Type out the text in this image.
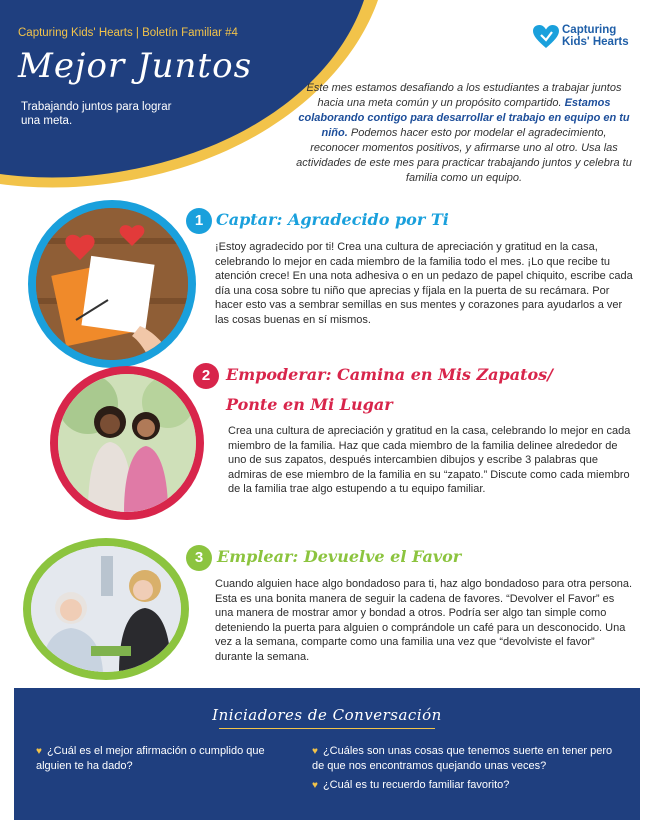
Capturing Kids' Hearts | Boletín Familiar #4
Mejor Juntos
Trabajando juntos para lograr una meta.
Capturing
Kids' Hearts
Este mes estamos desafiando a los estudiantes a trabajar juntos hacia una meta común y un propósito compartido. Estamos colaborando contigo para desarrollar el trabajo en equipo en tu niño. Podemos hacer esto por modelar el agradecimiento, reconocer momentos positivos, y afirmarse uno al otro. Usa las actividades de este mes para practicar trabajando juntos y celebra tu familia como un equipo.
1 Captar: Agradecido por Ti
¡Estoy agradecido por ti! Crea una cultura de apreciación y gratitud en la casa, celebrando lo mejor en cada miembro de la familia todo el mes. ¡Lo que recibe tu atención crece! En una nota adhesiva o en un pedazo de papel chiquito, escribe cada día una cosa sobre tu niño que aprecias y fíjala en la puerta de su recámara. Por hacer esto vas a sembrar semillas en sus mentes y corazones para ayudarlos a ver las cosas buenas en sí mismos.
2 Empoderar: Camina en Mis Zapatos/
Ponte en Mi Lugar
Crea una cultura de apreciación y gratitud en la casa, celebrando lo mejor en cada miembro de la familia. Haz que cada miembro de la familia delinee alrededor de uno de sus zapatos, después intercambien dibujos y escribe 3 palabras que admiras de ese miembro de la familia en su “zapato.” Discute como cada miembro de la familia trae algo estupendo a tu equipo familiar.
3 Emplear: Devuelve el Favor
Cuando alguien hace algo bondadoso para ti, haz algo bondadoso para otra persona. Esta es una bonita manera de seguir la cadena de favores. “Devolver el Favor” es una manera de mostrar amor y bondad a otros. Podría ser algo tan simple como deteniendo la puerta para alguien o comprándole un café para un desconocido. Una vez a la semana, comparte como una familia una vez que “devolviste el favor” durante la semana.
Iniciadores de Conversación
♥ ¿Cuál es el mejor afirmación o cumplido que alguien te ha dado?
♥ ¿Cuáles son unas cosas que tenemos suerte en tener pero de que nos encontramos quejando unas veces?
♥ ¿Cuál es tu recuerdo familiar favorito?
